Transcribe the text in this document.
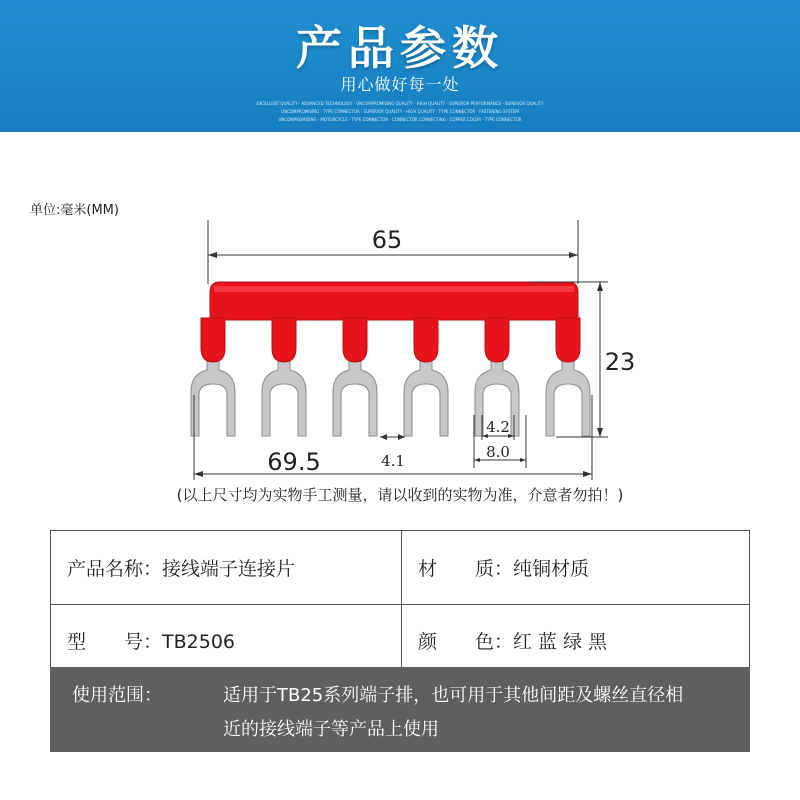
产品参数
用心做好每一处
EXCELLENT QUALITY · ADVANCED TECHNOLOGY · UNCOMPROMISING QUALITY · HIGH QUALITY · SUPERIOR PERFORMANCE · SUPERIOR QUALITY
UNCOMPROMISING · TYPE CONNECTOR · SUPERIOR QUALITY · HIGH QUALITY · TYPE CONNECTOR · FASTENING SYSTEM
UNCOMPROMISING · MOTORCYCLE · TYPE CONNECTOR · CONNECTOR CONNECTING · COPPER COLOR · TYPE CONNECTOR
单位:毫米(MM)
65
23
69.5	4.1
4.2
8.0
(以上尺寸均为实物手工测量，请以收到的实物为准，介意者勿拍！)
产品名称：接线端子连接片	材　　质：纯铜材质
型　　号：TB2506	颜　　色：红 蓝 绿 黑

使用范围：	适用于TB25系列端子排，也可用于其他间距及螺丝直径相
近的接线端子等产品上使用
